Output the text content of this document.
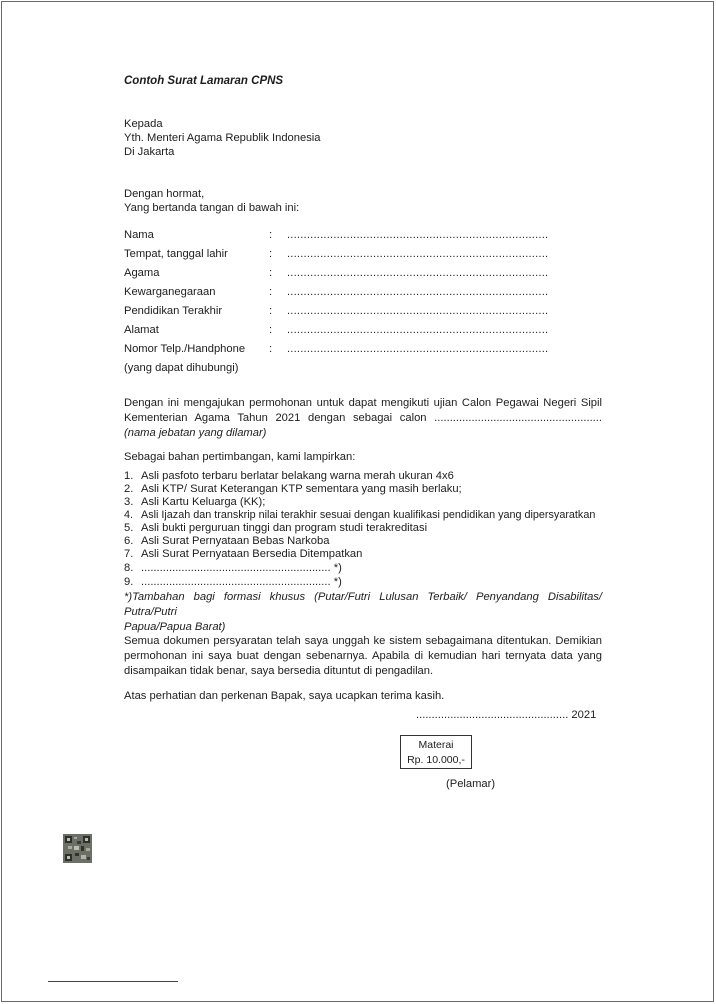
Contoh Surat Lamaran CPNS
Kepada
Yth. Menteri Agama Republik Indonesia
Di Jakarta
Dengan hormat,
Yang bertanda tangan di bawah ini:
Nama	: ...............................................................................
Tempat, tanggal lahir	: ...............................................................................
Agama	: ...............................................................................
Kewarganegaraan	: ...............................................................................
Pendidikan Terakhir	: ...............................................................................
Alamat	: ...............................................................................
Nomor Telp./Handphone : ...............................................................................
(yang dapat dihubungi)
Dengan ini mengajukan permohonan untuk dapat mengikuti ujian Calon Pegawai Negeri Sipil
Kementerian Agama Tahun 2021 dengan sebagai calon ......................................................
(nama jebatan yang dilamar)
Sebagai bahan pertimbangan, kami lampirkan:
1. Asli pasfoto terbaru berlatar belakang warna merah ukuran 4x6
2. Asli KTP/ Surat Keterangan KTP sementara yang masih berlaku;
3. Asli Kartu Keluarga (KK);
4. Asli Ijazah dan transkrip nilai terakhir sesuai dengan kualifikasi pendidikan yang dipersyaratkan
5. Asli bukti perguruan tinggi dan program studi terakreditasi
6. Asli Surat Pernyataan Bebas Narkoba
7. Asli Surat Pernyataan Bersedia Ditempatkan
8. ............................................................. *)
9. ............................................................. *)
*)Tambahan bagi formasi khusus (Putar/Futri Lulusan Terbaik/ Penyandang Disabilitas/ Putra/Putri
Papua/Papua Barat)
Semua dokumen persyaratan telah saya unggah ke sistem sebagaimana ditentukan. Demikian
permohonan ini saya buat dengan sebenarnya. Apabila di kemudian hari ternyata data yang
disampaikan tidak benar, saya bersedia dituntut di pengadilan.
Atas perhatian dan perkenan Bapak, saya ucapkan terima kasih.
................................................. 2021
Materai
Rp. 10.000,-
(Pelamar)
